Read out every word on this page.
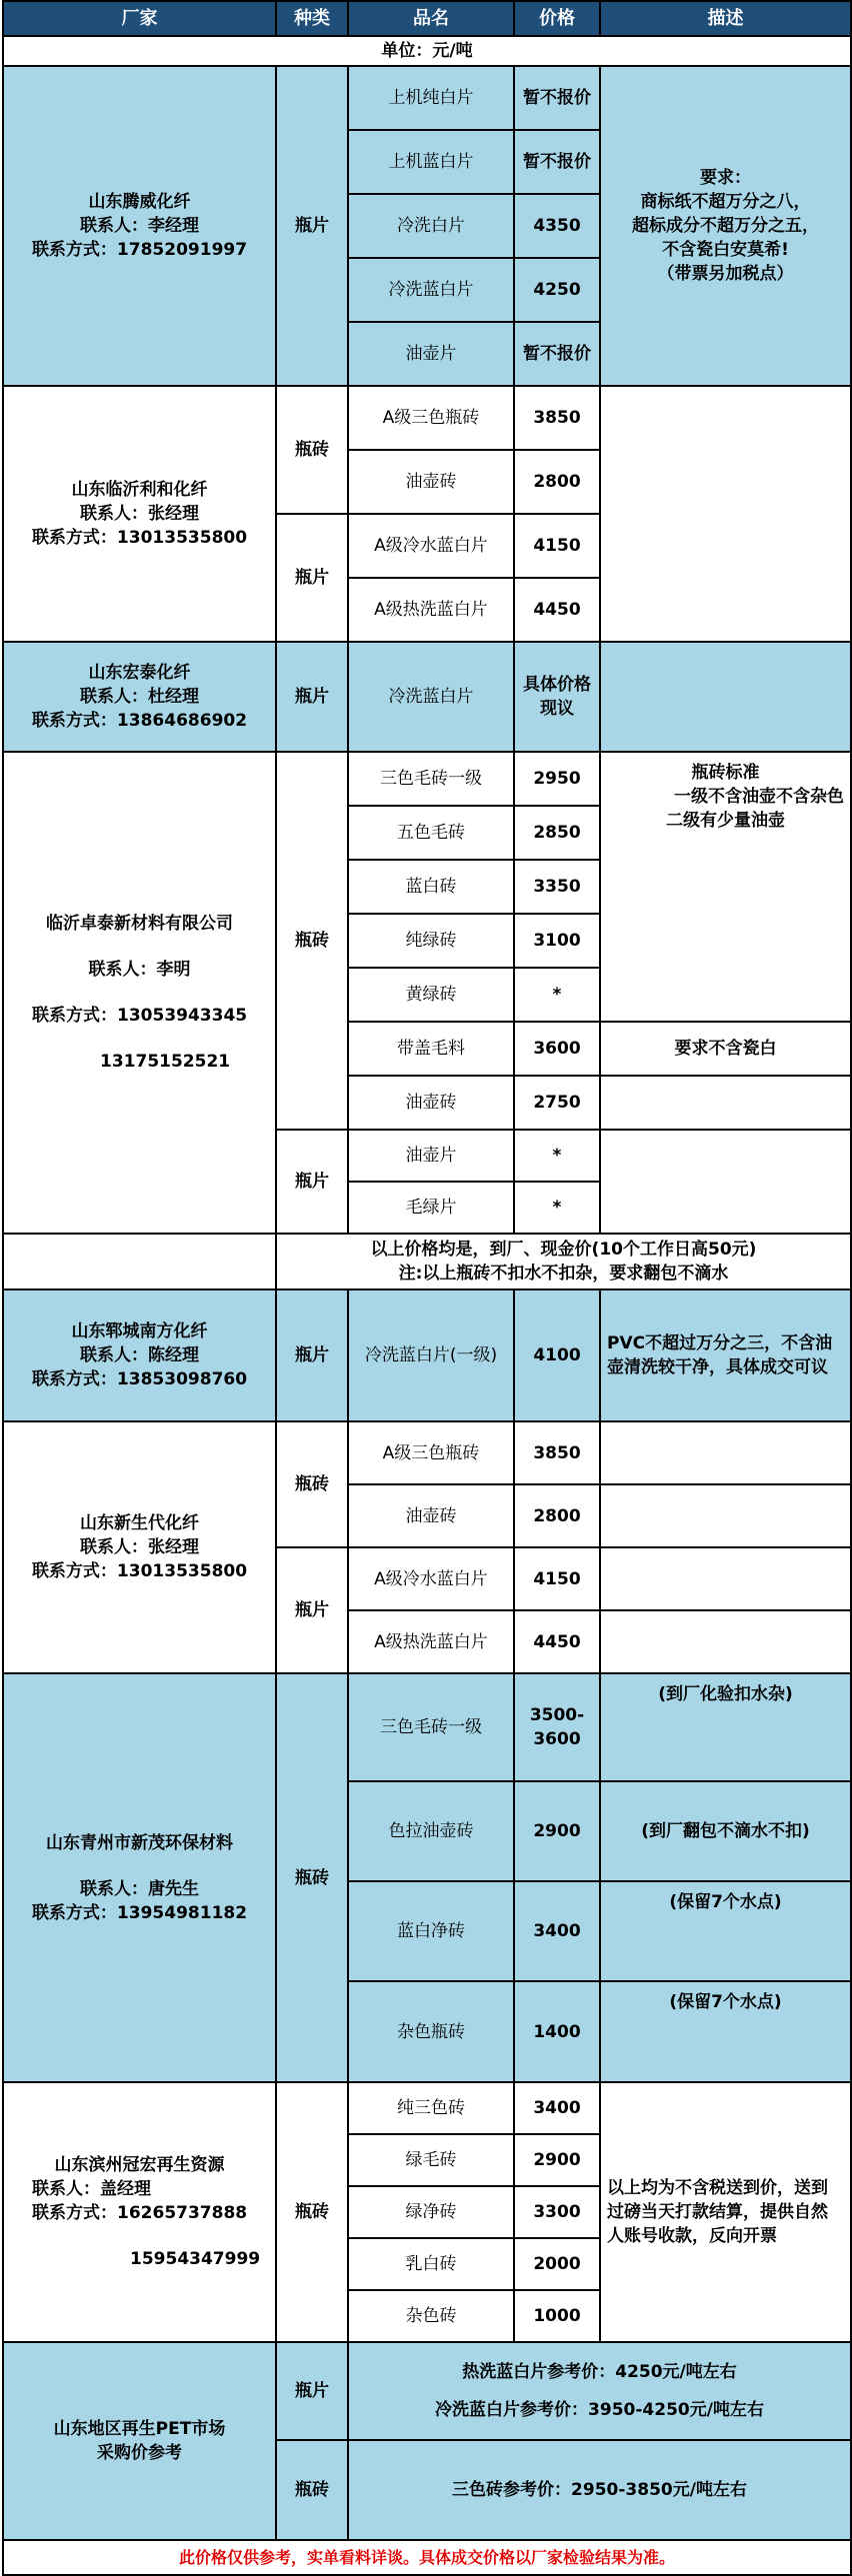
厂家	种类	品名	价格	描述
单位：元/吨				

山东腾威化纤
联系人：李经理
联系方式：17852091997	瓶片	上机纯白片	暂不报价	要求：
商标纸不超万分之八，
超标成分不超万分之五，
不含瓷白安莫希!
（带票另加税点）

		上机蓝白片	暂不报价	
		冷洗白片	4350	
		冷洗蓝白片	4250	
		油壶片	暂不报价	

山东临沂利和化纤
联系人：张经理
联系方式：13013535800	瓶砖	A级三色瓶砖	3850	
		油壶砖	2800	
	瓶片	A级冷水蓝白片	4150	
		A级热洗蓝白片	4450	

山东宏泰化纤
联系人：杜经理
联系方式：13864686902	瓶片	冷洗蓝白片	具体价格
现议	

临沂卓泰新材料有限公司
联系人：李明
联系方式：13053943345
13175152521	瓶砖	三色毛砖一级	2950	瓶砖标准
一级不含油壶不含杂色
二级有少量油壶

		五色毛砖	2850	
		蓝白砖	3350	
		纯绿砖	3100	
		黄绿砖	*	
		带盖毛料	3600	要求不含瓷白
		油壶砖	2750	
	瓶片	油壶片	*	
		毛绿片	*	

	以上价格均是，到厂、现金价(10个工作日高50元)
注:以上瓶砖不扣水不扣杂，要求翻包不滴水			

山东郓城南方化纤
联系人：陈经理
联系方式：13853098760	瓶片	冷洗蓝白片(一级)	4100	PVC不超过万分之三，不含油
壶清洗较干净，具体成交可议

山东新生代化纤
联系人：张经理
联系方式：13013535800	瓶砖	A级三色瓶砖	3850	
		油壶砖	2800	
	瓶片	A级冷水蓝白片	4150	
		A级热洗蓝白片	4450	

山东青州市新茂环保材料
联系人：唐先生
联系方式：13954981182	瓶砖	三色毛砖一级	3500-
3600	(到厂化验扣水杂)
		色拉油壶砖	2900	(到厂翻包不滴水不扣)
		蓝白净砖	3400	(保留7个水点)
		杂色瓶砖	1400	(保留7个水点)

山东滨州冠宏再生资源
联系人：盖经理
联系方式：16265737888
15954347999	瓶砖	纯三色砖	3400	以上均为不含税送到价，送到
过磅当天打款结算，提供自然
人账号收款，反向开票

		绿毛砖	2900	
		绿净砖	3300	
		乳白砖	2000	
		杂色砖	1000	

山东地区再生PET市场
采购价参考	瓶片	热洗蓝白片参考价：4250元/吨左右
冷洗蓝白片参考价：3950-4250元/吨左右		

	瓶砖	三色砖参考价：2950-3850元/吨左右		

此价格仅供参考，实单看料详谈。具体成交价格以厂家检验结果为准。				
